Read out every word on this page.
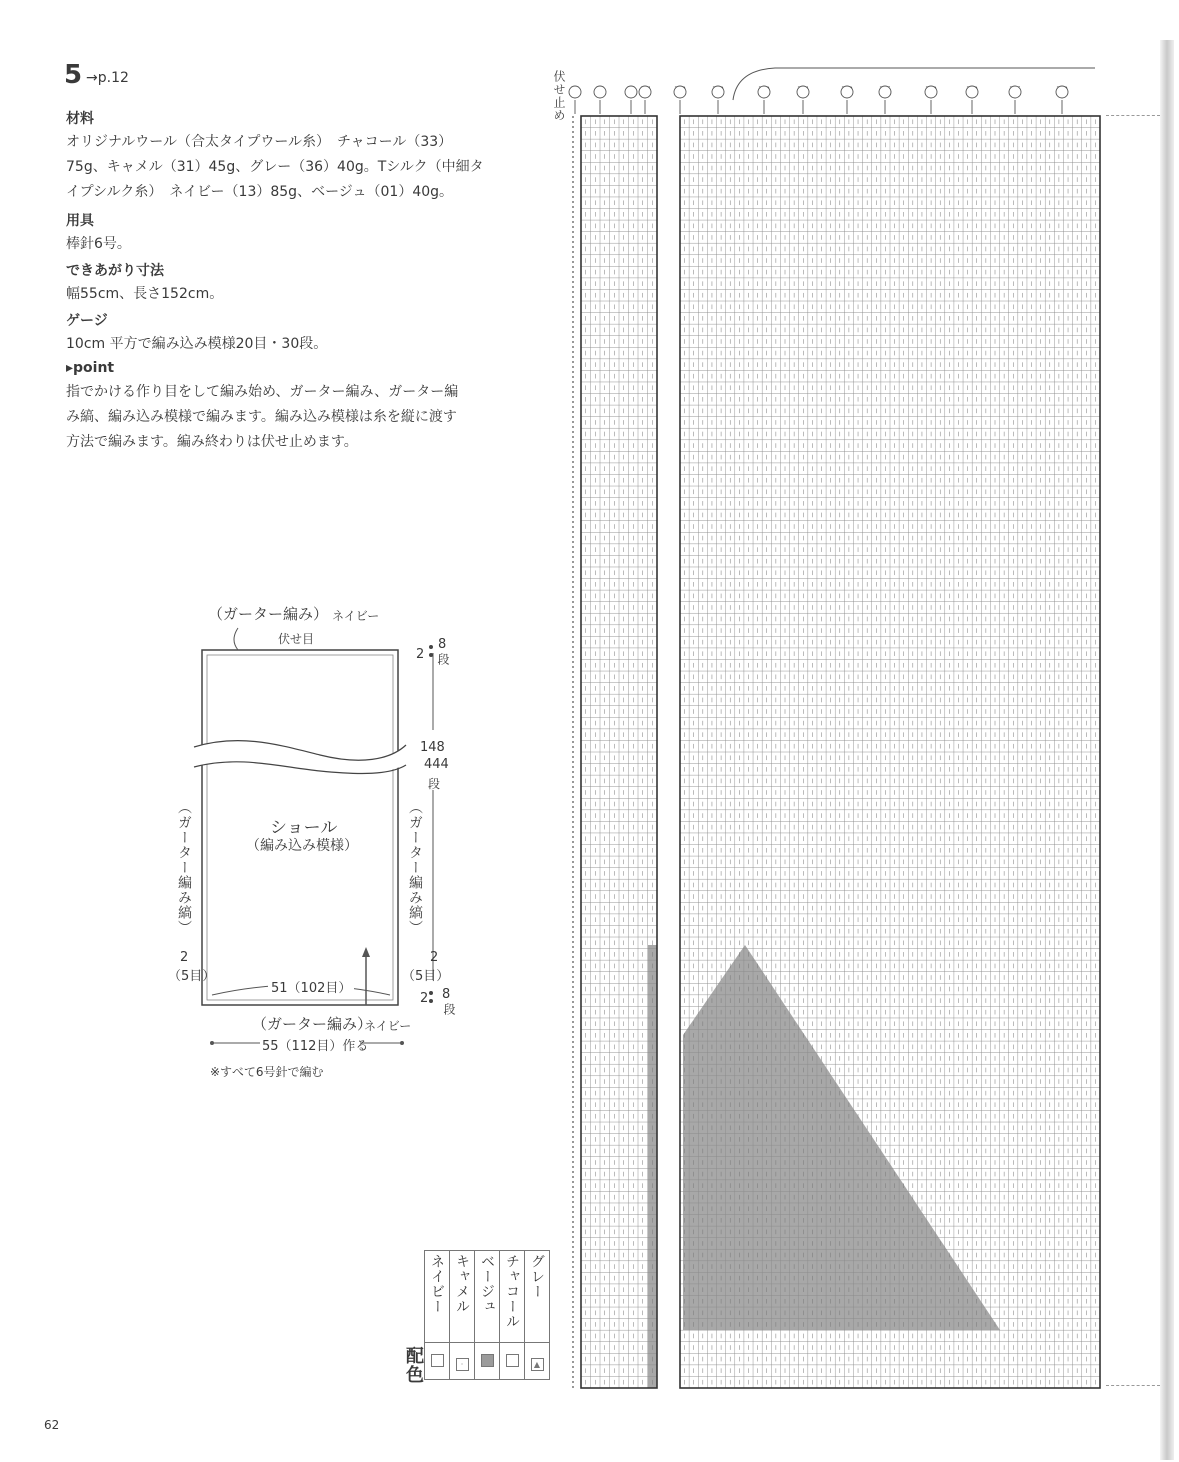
5 →p.12
材料
オリジナルウール（合太タイプウール糸）　チャコール（33）
75g、キャメル（31）45g、グレー（36）40g。Tシルク（中細タ
イプシルク糸）　ネイビー（13）85g、ベージュ（01）40g。
用具
棒針6号。
できあがり寸法
幅55cm、長さ152cm。
ゲージ
10cm 平方で編み込み模様20目・30段。
▸point
指でかける作り目をして編み始め、ガーター編み、ガーター編
み縞、編み込み模様で編みます。編み込み模様は糸を縦に渡す
方法で編みます。編み終わりは伏せ止めます。
（ガーター編み） ネイビー
伏せ目
2
8
段
148
444
段
ショール
（編み込み模様）
（ガーター編み縞）	（ガーター編み縞）
2
（5目）
2
（5目）
51（102目）
2 8
段
（ガーター編み）
ネイビー
55（112目）作る
※すべて6号針で編む
配色
ネイビー	キャメル	ベージュ	チャコール	グレー
	·			▲
伏せ止め
62
